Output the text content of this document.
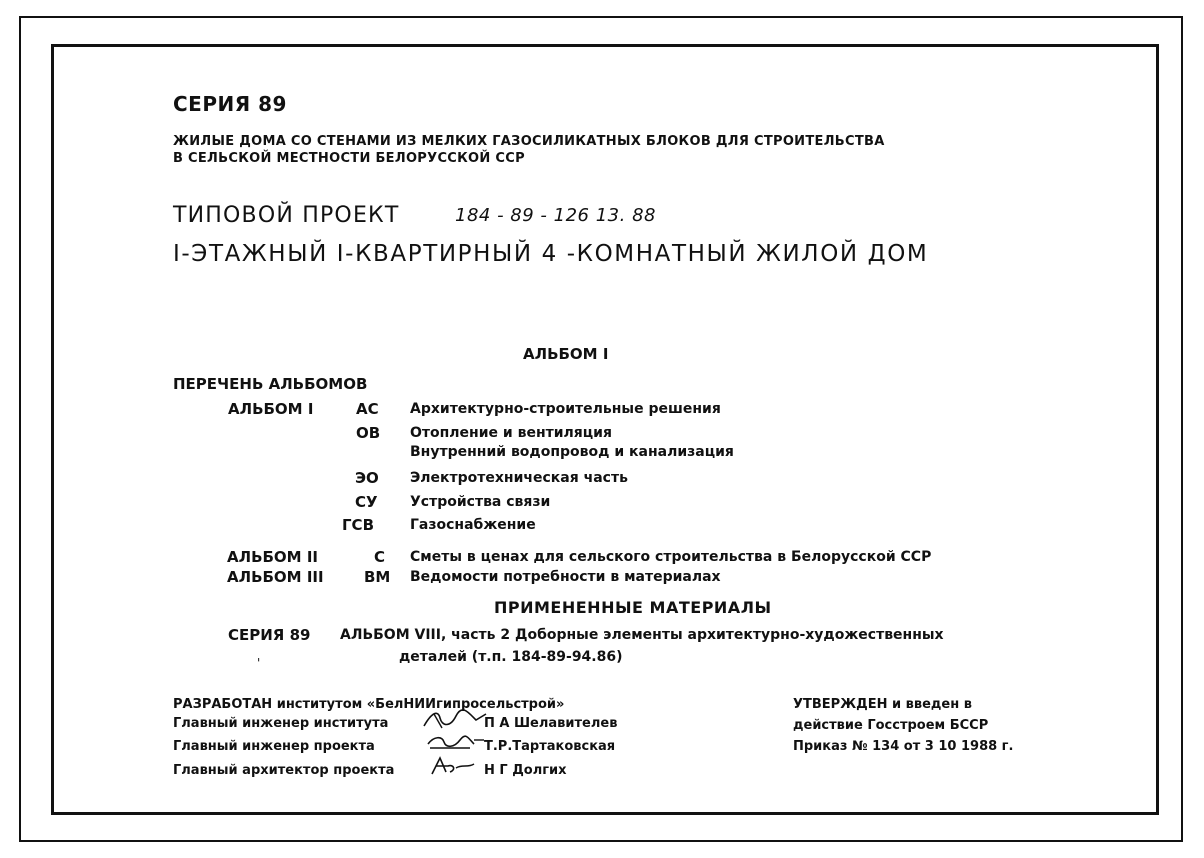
СЕРИЯ 89
ЖИЛЫЕ ДОМА СО СТЕНАМИ ИЗ МЕЛКИХ ГАЗОСИЛИКАТНЫХ БЛОКОВ ДЛЯ СТРОИТЕЛЬСТВА
В СЕЛЬСКОЙ МЕСТНОСТИ БЕЛОРУССКОЙ ССР
ТИПОВОЙ ПРОЕКТ	184 - 89 - 126 13. 88
I-ЭТАЖНЫЙ I-КВАРТИРНЫЙ 4 -КОМНАТНЫЙ ЖИЛОЙ ДОМ
АЛЬБОМ I
ПЕРЕЧЕНЬ АЛЬБОМОВ
АЛЬБОМ I	АС Архитектурно-строительные решения
ОВ Отопление и вентиляция
Внутренний водопровод и канализация
ЭО Электротехническая часть
СУ Устройства связи
ГСВ	Газоснабжение
АЛЬБОМ II	С Сметы в ценах для сельского строительства в Белорусской ССР
АЛЬБОМ III	ВМ Ведомости потребности в материалах
ПРИМЕНЕННЫЕ МАТЕРИАЛЫ
СЕРИЯ 89 АЛЬБОМ VIII, часть 2 Доборные элементы архитектурно-художественных
деталей (т.п. 184-89-94.86)
'
РАЗРАБОТАН институтом «БелНИИгипросельстрой»
Главный инженер института	П А Шелавителев
Главный инженер проекта	Т.Р.Тартаковская
Главный архитектор проекта	Н Г Долгих
УТВЕРЖДЕН и введен в
действие Госстроем БССР
Приказ № 134 от 3 10 1988 г.
